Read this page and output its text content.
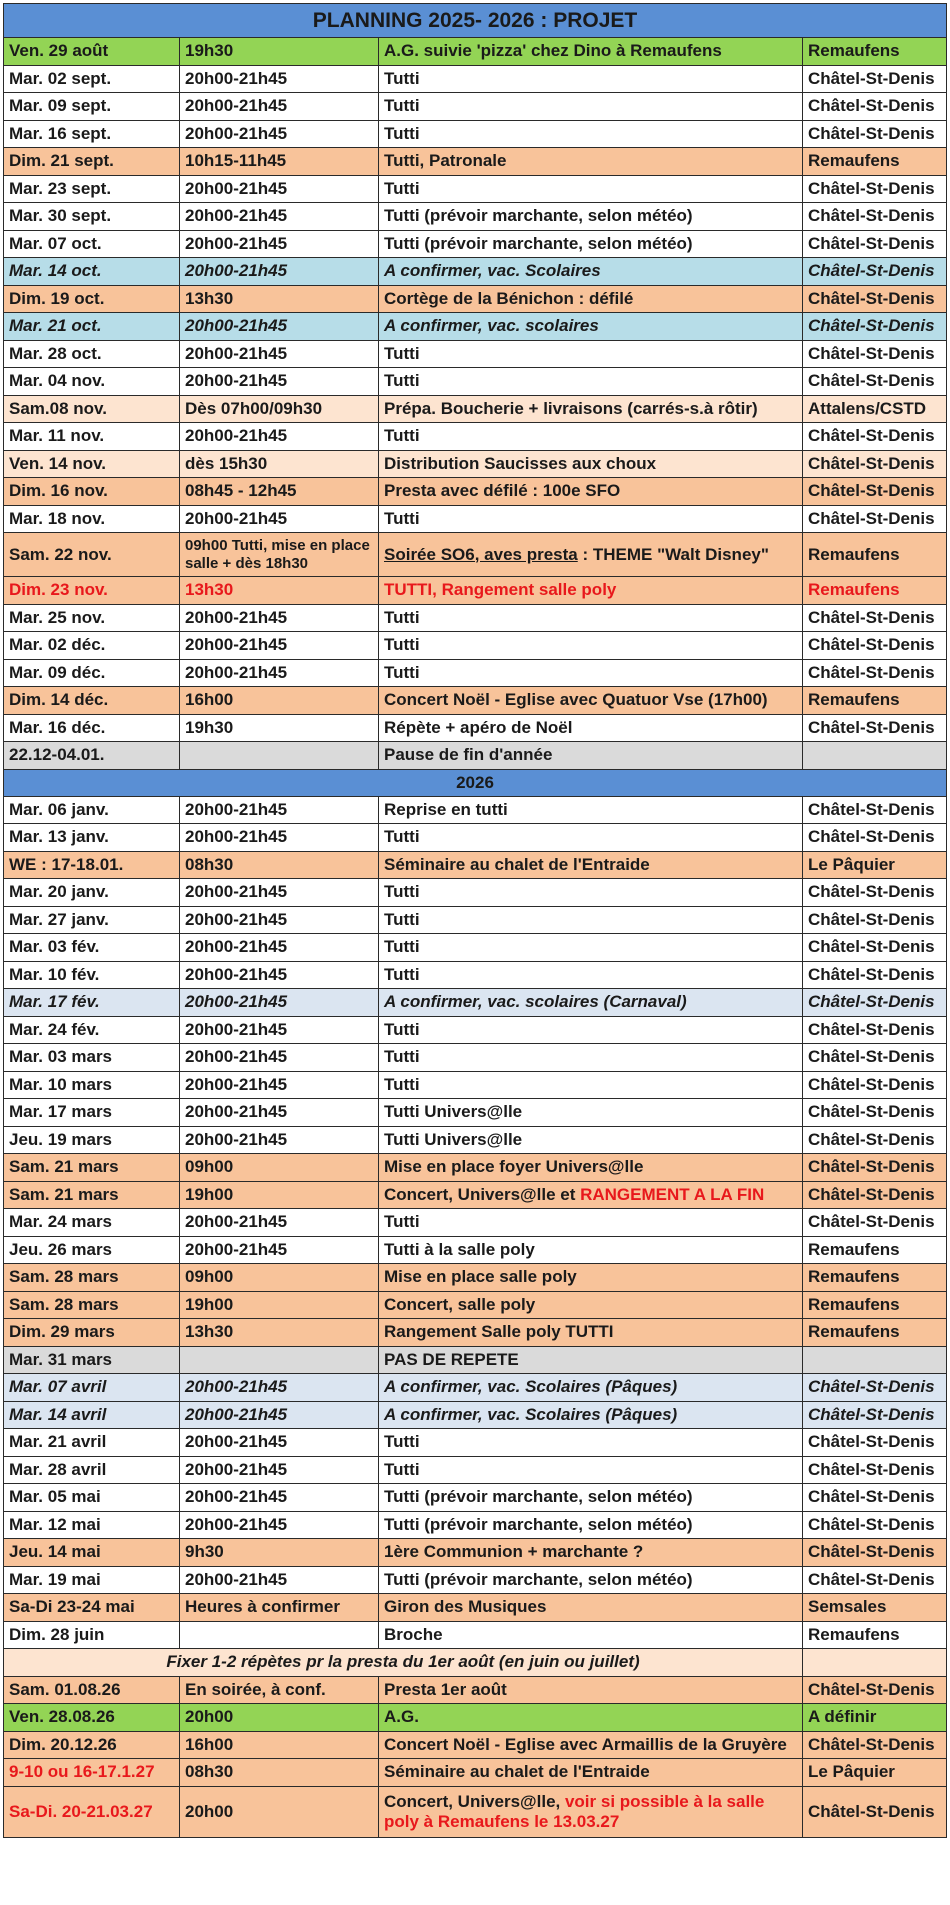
PLANNING 2025- 2026 : PROJET			
Ven. 29 août	19h30	A.G. suivie 'pizza' chez Dino à Remaufens	Remaufens
Mar. 02 sept.	20h00-21h45	Tutti	Châtel-St-Denis
Mar. 09 sept.	20h00-21h45	Tutti	Châtel-St-Denis
Mar. 16 sept.	20h00-21h45	Tutti	Châtel-St-Denis
Dim. 21 sept.	10h15-11h45	Tutti, Patronale	Remaufens
Mar. 23 sept.	20h00-21h45	Tutti	Châtel-St-Denis
Mar. 30 sept.	20h00-21h45	Tutti (prévoir marchante, selon météo)	Châtel-St-Denis
Mar. 07 oct.	20h00-21h45	Tutti (prévoir marchante, selon météo)	Châtel-St-Denis
Mar. 14 oct.	20h00-21h45	A confirmer, vac. Scolaires	Châtel-St-Denis
Dim. 19 oct.	13h30	Cortège de la Bénichon : défilé	Châtel-St-Denis
Mar. 21 oct.	20h00-21h45	A confirmer, vac. scolaires	Châtel-St-Denis
Mar. 28 oct.	20h00-21h45	Tutti	Châtel-St-Denis
Mar. 04 nov.	20h00-21h45	Tutti	Châtel-St-Denis
Sam.08 nov.	Dès 07h00/09h30	Prépa. Boucherie + livraisons (carrés-s.à rôtir)	Attalens/CSTD
Mar. 11 nov.	20h00-21h45	Tutti	Châtel-St-Denis
Ven. 14 nov.	dès 15h30	Distribution Saucisses aux choux	Châtel-St-Denis
Dim. 16 nov.	08h45 - 12h45	Presta avec défilé : 100e SFO	Châtel-St-Denis
Mar. 18 nov.	20h00-21h45	Tutti	Châtel-St-Denis
Sam. 22 nov.	09h00 Tutti, mise en place salle + dès 18h30	Soirée SO6, aves presta : THEME "Walt Disney"	Remaufens
Dim. 23 nov.	13h30	TUTTI, Rangement salle poly	Remaufens
Mar. 25 nov.	20h00-21h45	Tutti	Châtel-St-Denis
Mar. 02 déc.	20h00-21h45	Tutti	Châtel-St-Denis
Mar. 09 déc.	20h00-21h45	Tutti	Châtel-St-Denis
Dim. 14 déc.	16h00	Concert Noël - Eglise avec Quatuor Vse (17h00)	Remaufens
Mar. 16 déc.	19h30	Répète + apéro de Noël	Châtel-St-Denis
22.12-04.01.		Pause de fin d'année	
2026			
Mar. 06 janv.	20h00-21h45	Reprise en tutti	Châtel-St-Denis
Mar. 13 janv.	20h00-21h45	Tutti	Châtel-St-Denis
WE : 17-18.01.	08h30	Séminaire au chalet de l'Entraide	Le Pâquier
Mar. 20 janv.	20h00-21h45	Tutti	Châtel-St-Denis
Mar. 27 janv.	20h00-21h45	Tutti	Châtel-St-Denis
Mar. 03 fév.	20h00-21h45	Tutti	Châtel-St-Denis
Mar. 10 fév.	20h00-21h45	Tutti	Châtel-St-Denis
Mar. 17 fév.	20h00-21h45	A confirmer, vac. scolaires (Carnaval)	Châtel-St-Denis
Mar. 24 fév.	20h00-21h45	Tutti	Châtel-St-Denis
Mar. 03 mars	20h00-21h45	Tutti	Châtel-St-Denis
Mar. 10 mars	20h00-21h45	Tutti	Châtel-St-Denis
Mar. 17 mars	20h00-21h45	Tutti Univers@lle	Châtel-St-Denis
Jeu. 19 mars	20h00-21h45	Tutti Univers@lle	Châtel-St-Denis
Sam. 21 mars	09h00	Mise en place foyer Univers@lle	Châtel-St-Denis
Sam. 21 mars	19h00	Concert, Univers@lle et RANGEMENT A LA FIN	Châtel-St-Denis
Mar. 24 mars	20h00-21h45	Tutti	Châtel-St-Denis
Jeu. 26 mars	20h00-21h45	Tutti à la salle poly	Remaufens
Sam. 28 mars	09h00	Mise en place salle poly	Remaufens
Sam. 28 mars	19h00	Concert, salle poly	Remaufens
Dim. 29 mars	13h30	Rangement Salle poly TUTTI	Remaufens
Mar. 31 mars		PAS DE REPETE	
Mar. 07 avril	20h00-21h45	A confirmer, vac. Scolaires (Pâques)	Châtel-St-Denis
Mar. 14 avril	20h00-21h45	A confirmer, vac. Scolaires (Pâques)	Châtel-St-Denis
Mar. 21 avril	20h00-21h45	Tutti	Châtel-St-Denis
Mar. 28 avril	20h00-21h45	Tutti	Châtel-St-Denis
Mar. 05 mai	20h00-21h45	Tutti (prévoir marchante, selon météo)	Châtel-St-Denis
Mar. 12 mai	20h00-21h45	Tutti (prévoir marchante, selon météo)	Châtel-St-Denis
Jeu. 14 mai	9h30	1ère Communion + marchante ?	Châtel-St-Denis
Mar. 19 mai	20h00-21h45	Tutti (prévoir marchante, selon météo)	Châtel-St-Denis
Sa-Di 23-24 mai	Heures à confirmer	Giron des Musiques	Semsales
Dim. 28 juin		Broche	Remaufens
Fixer 1-2 répètes pr la presta du 1er août (en juin ou juillet)			
Sam. 01.08.26	En soirée, à conf.	Presta 1er août	Châtel-St-Denis
Ven. 28.08.26	20h00	A.G.	A définir
Dim. 20.12.26	16h00	Concert Noël - Eglise avec Armaillis de la Gruyère	Châtel-St-Denis
9-10 ou 16-17.1.27	08h30	Séminaire au chalet de l'Entraide	Le Pâquier
Sa-Di. 20-21.03.27	20h00	Concert, Univers@lle, voir si possible à la salle poly à Remaufens le 13.03.27	Châtel-St-Denis
